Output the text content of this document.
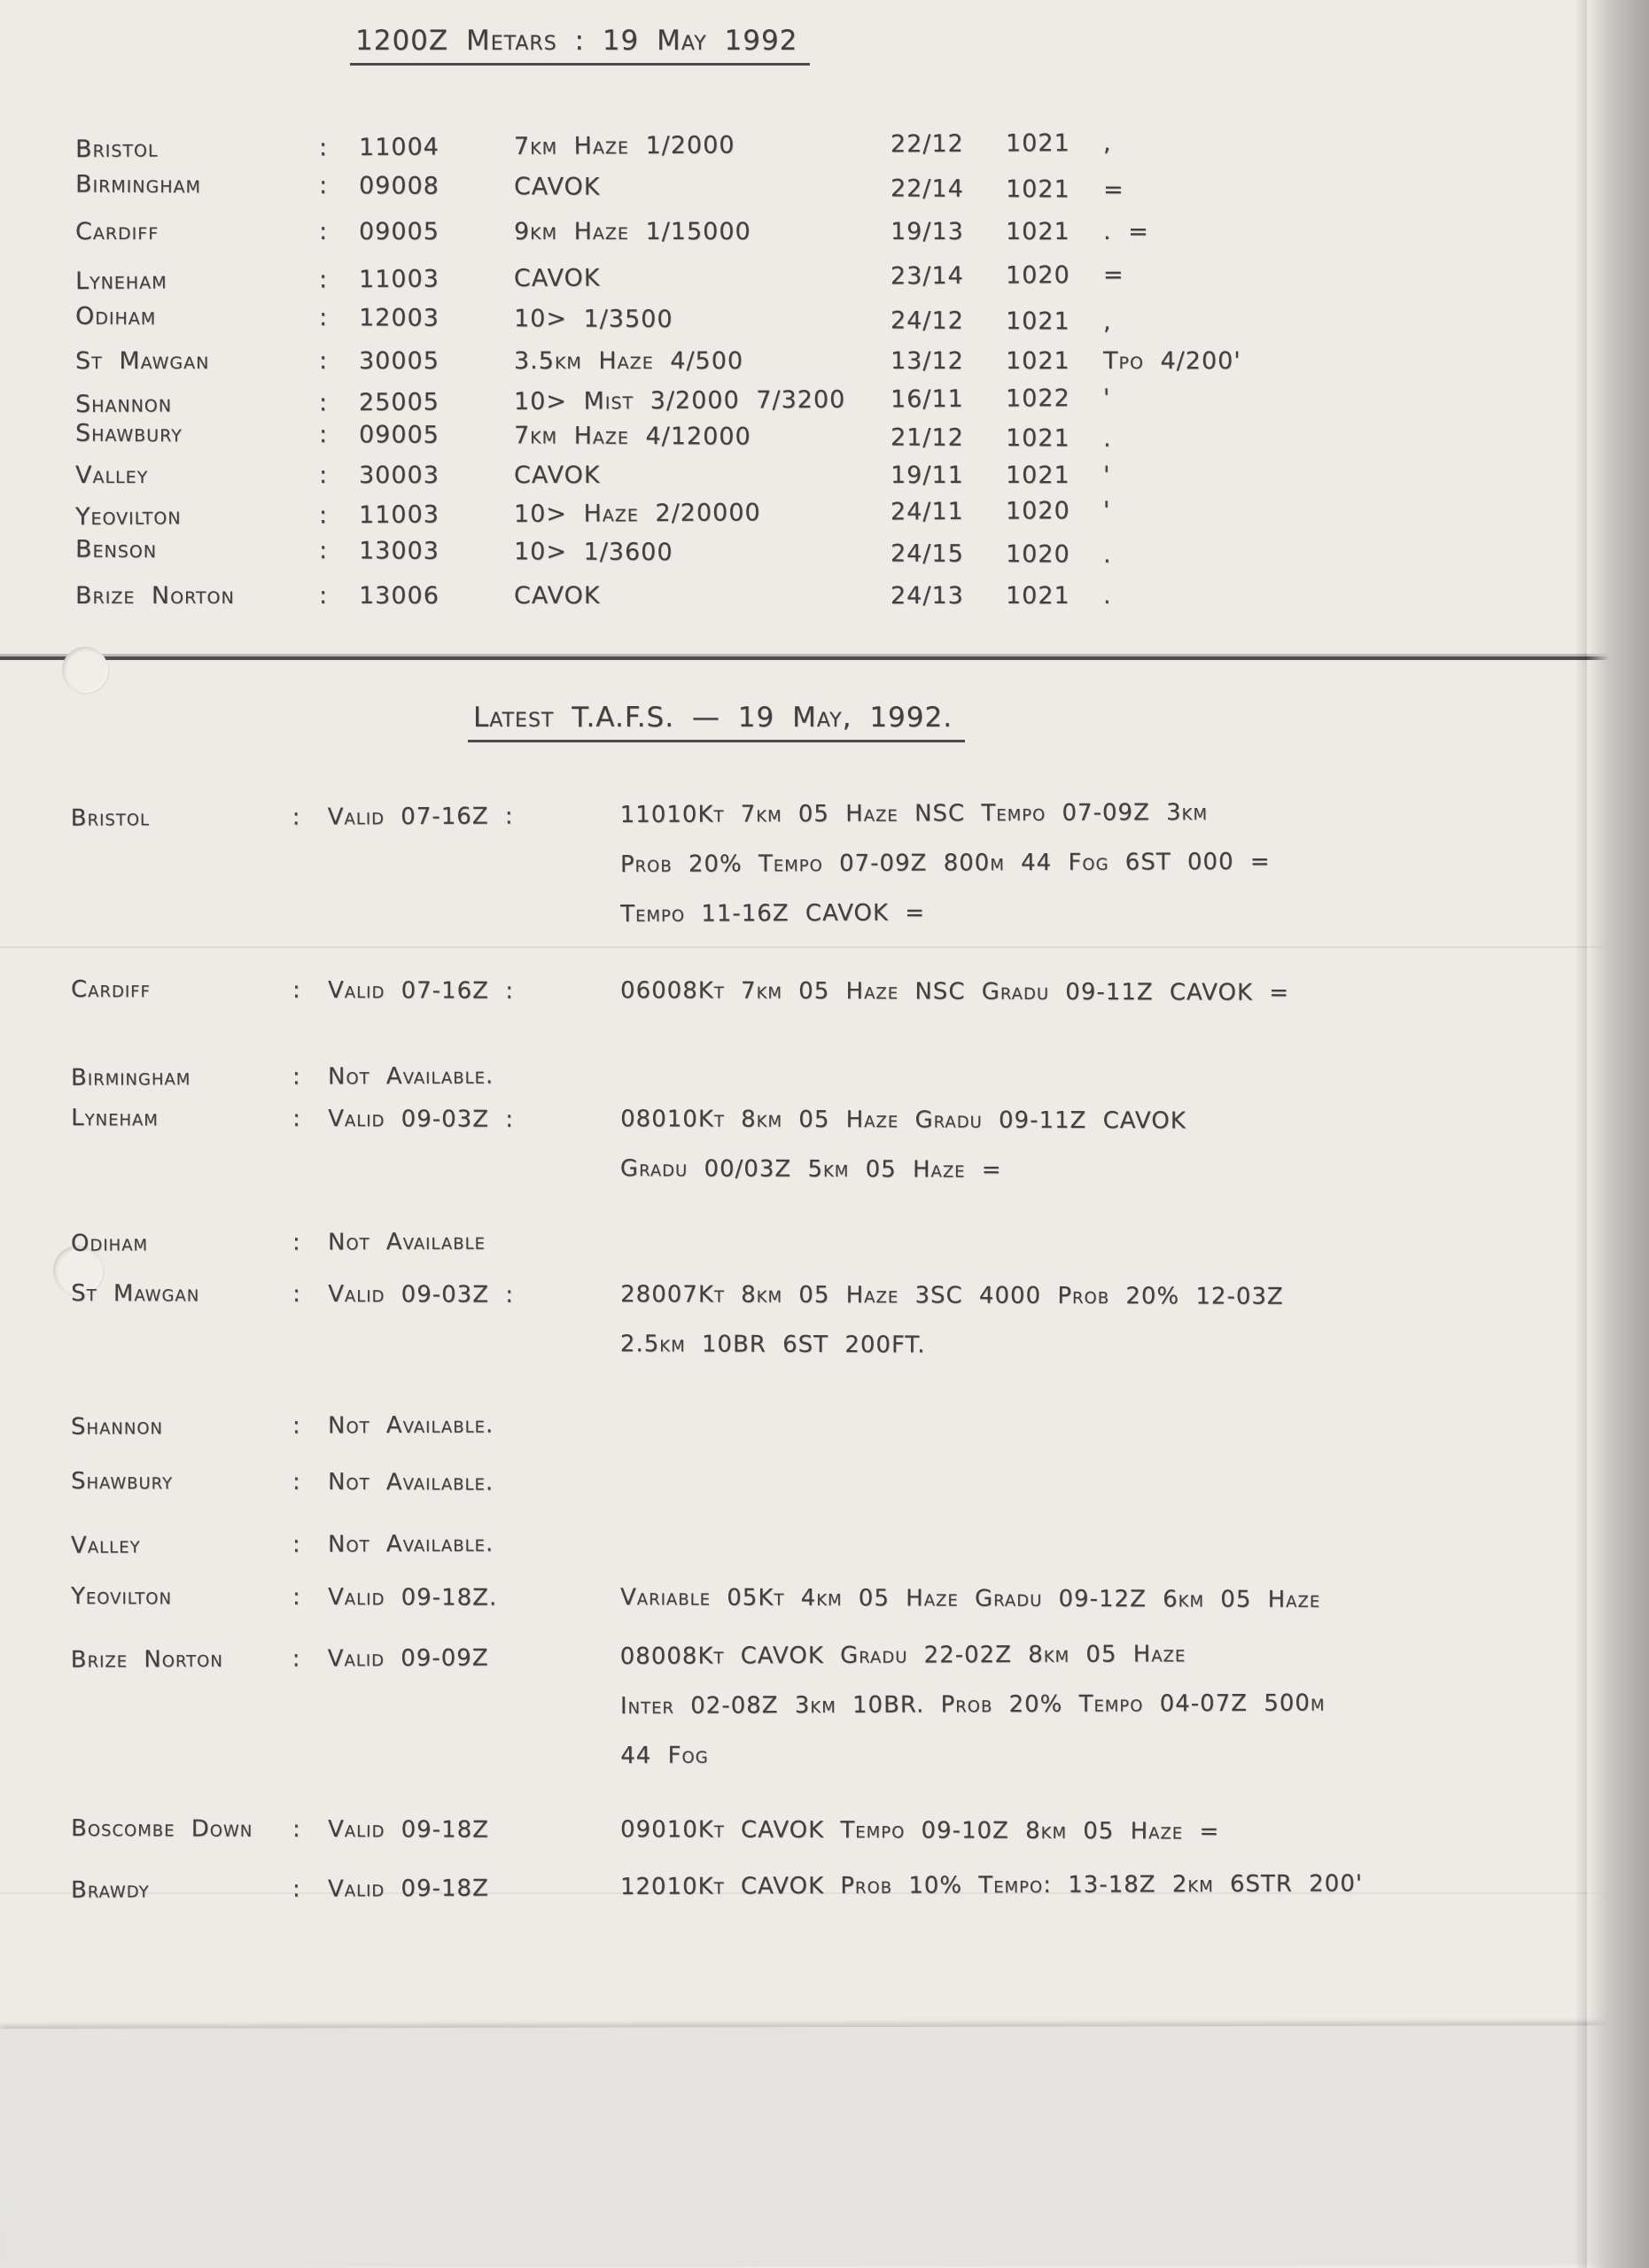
1200Z Metars : 19 May 1992
Bristol	:	11004	7km Haze 1/2000	22/12	1021	,
Birmingham	:	09008	CAVOK	22/14	1021	=
Cardiff	:	09005	9km Haze 1/15000	19/13	1021	. =
Lyneham	:	11003	CAVOK	23/14	1020	=
Odiham	:	12003	10> 1/3500	24/12	1021	,
St Mawgan	:	30005	3.5km Haze 4/500	13/12	1021	Tpo 4/200'
Shannon	:	25005	10> Mist 3/2000 7/3200	16/11	1022	'
Shawbury	:	09005	7km Haze 4/12000	21/12	1021	.
Valley	:	30003	CAVOK	19/11	1021	'
Yeovilton	:	11003	10> Haze 2/20000	24/11	1020	'
Benson	:	13003	10> 1/3600	24/15	1020	.
Brize Norton	:	13006	CAVOK	24/13	1021	.
Latest T.A.F.S. — 19 May, 1992.
Bristol	:	Valid 07-16Z :	11010Kt 7km 05 Haze NSC Tempo 07-09Z 3km
Prob 20% Tempo 07-09Z 800m 44 Fog 6ST 000 =
Tempo 11-16Z CAVOK =
Cardiff	:	Valid 07-16Z :	06008Kt 7km 05 Haze NSC Gradu 09-11Z CAVOK =
Birmingham	:	Not Available.
Lyneham	:	Valid 09-03Z :	08010Kt 8km 05 Haze Gradu 09-11Z CAVOK
Gradu 00/03Z 5km 05 Haze =
Odiham	:	Not Available
St Mawgan	:	Valid 09-03Z :	28007Kt 8km 05 Haze 3SC 4000 Prob 20% 12-03Z
2.5km 10BR 6ST 200FT.
Shannon	:	Not Available.
Shawbury	:	Not Available.
Valley	:	Not Available.
Yeovilton	:	Valid 09-18Z.	Variable 05Kt 4km 05 Haze Gradu 09-12Z 6km 05 Haze
Brize Norton	:	Valid 09-09Z	08008Kt CAVOK Gradu 22-02Z 8km 05 Haze
Inter 02-08Z 3km 10BR. Prob 20% Tempo 04-07Z 500m
44 Fog
Boscombe Down	:	Valid 09-18Z	09010Kt CAVOK Tempo 09-10Z 8km 05 Haze =
Brawdy	:	Valid 09-18Z	12010Kt CAVOK Prob 10% Tempo: 13-18Z 2km 6STR 200'
